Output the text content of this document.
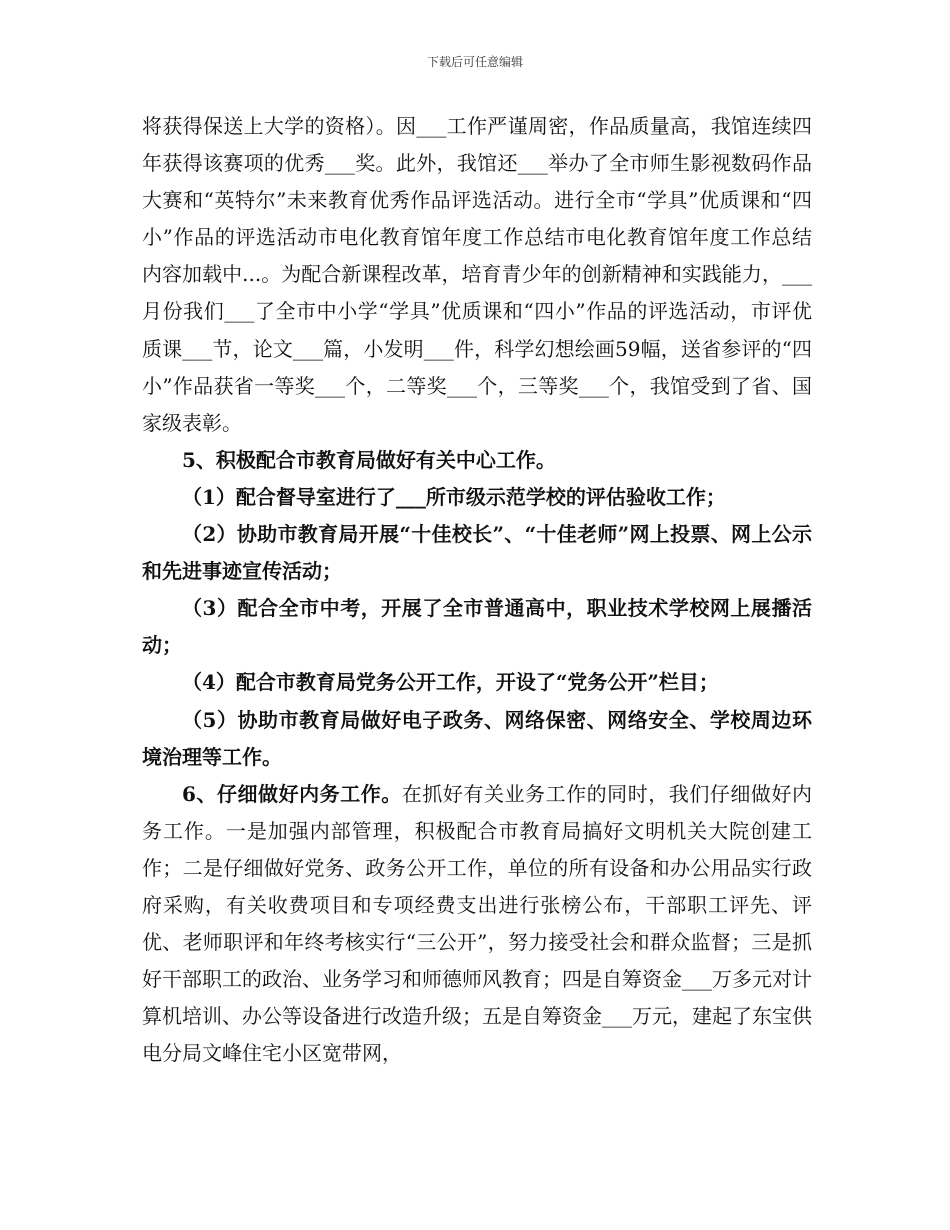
下载后可任意编辑

将获得保送上大学的资格）。因___工作严谨周密，作品质量高，我馆连续四年获得该赛项的优秀___奖。此外，我馆还___举办了全市师生影视数码作品大赛和“英特尔”未来教育优秀作品评选活动。进行全市“学具”优质课和“四小”作品的评选活动市电化教育馆年度工作总结市电化教育馆年度工作总结内容加载中...。为配合新课程改革，培育青少年的创新精神和实践能力，___月份我们___了全市中小学“学具”优质课和“四小”作品的评选活动，市评优质课___节，论文___篇，小发明___件，科学幻想绘画59幅，送省参评的“四小”作品获省一等奖___个，二等奖___个，三等奖___个，我馆受到了省、国家级表彰。

5、积极配合市教育局做好有关中心工作。

（1）配合督导室进行了___所市级示范学校的评估验收工作；

（2）协助市教育局开展“十佳校长”、“十佳老师”网上投票、网上公示和先进事迹宣传活动；

（3）配合全市中考，开展了全市普通高中，职业技术学校网上展播活动；

（4）配合市教育局党务公开工作，开设了“党务公开”栏目；

（5）协助市教育局做好电子政务、网络保密、网络安全、学校周边环境治理等工作。

6、仔细做好内务工作。在抓好有关业务工作的同时，我们仔细做好内务工作。一是加强内部管理，积极配合市教育局搞好文明机关大院创建工作；二是仔细做好党务、政务公开工作，单位的所有设备和办公用品实行政府采购，有关收费项目和专项经费支出进行张榜公布，干部职工评先、评优、老师职评和年终考核实行“三公开”，努力接受社会和群众监督；三是抓好干部职工的政治、业务学习和师德师风教育；四是自筹资金___万多元对计算机培训、办公等设备进行改造升级；五是自筹资金___万元，建起了东宝供电分局文峰住宅小区宽带网，
